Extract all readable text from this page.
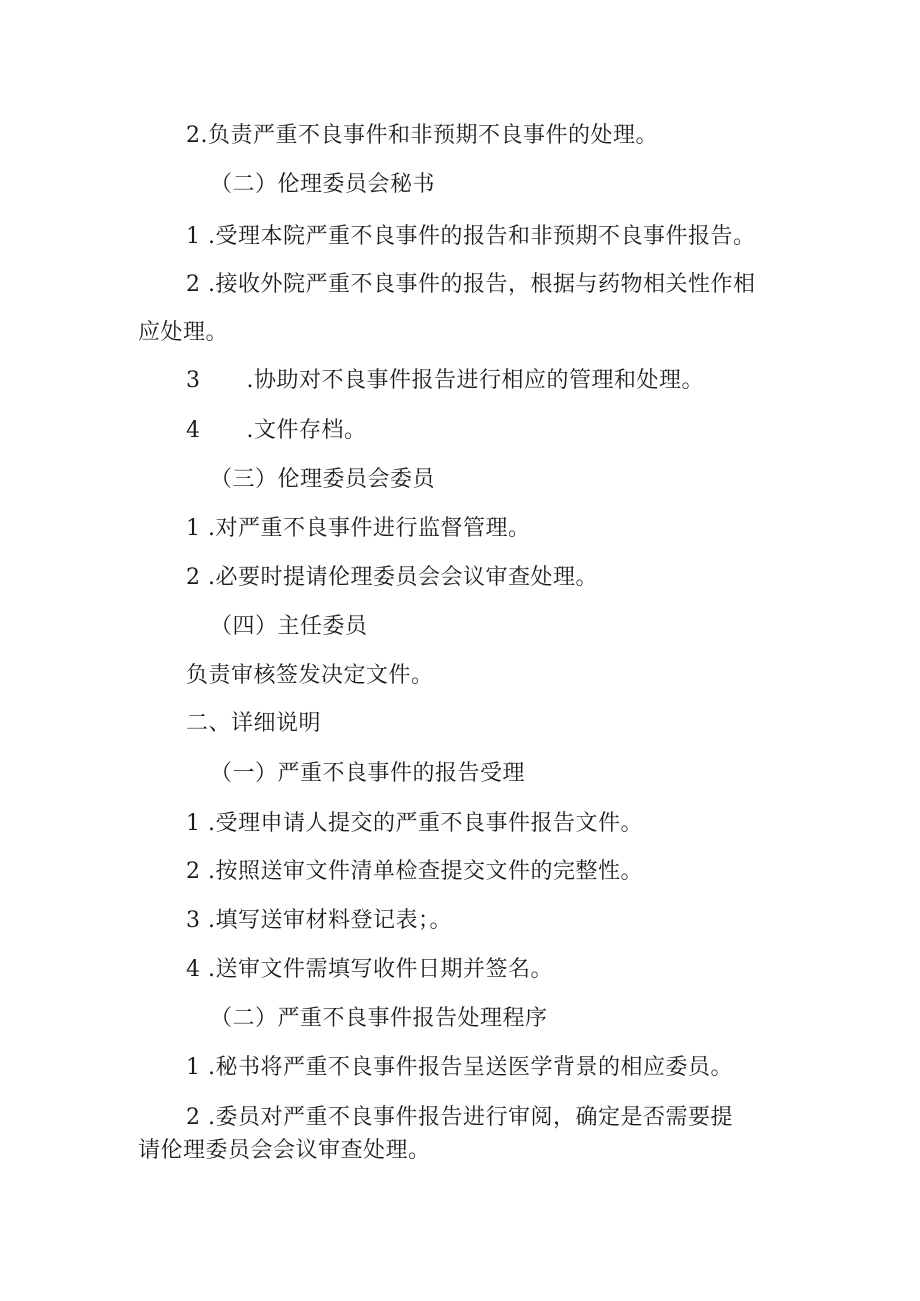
2.负责严重不良事件和非预期不良事件的处理。
（二）伦理委员会秘书
1 .受理本院严重不良事件的报告和非预期不良事件报告。
2 .接收外院严重不良事件的报告，根据与药物相关性作相
应处理。
3 .协助对不良事件报告进行相应的管理和处理。
4 .文件存档。
（三）伦理委员会委员
1 .对严重不良事件进行监督管理。
2 .必要时提请伦理委员会会议审查处理。
（四）主任委员
负责审核签发决定文件。
二、详细说明
（一）严重不良事件的报告受理
1 .受理申请人提交的严重不良事件报告文件。
2 .按照送审文件清单检查提交文件的完整性。
3 .填写送审材料登记表；。
4 .送审文件需填写收件日期并签名。
（二）严重不良事件报告处理程序
1 .秘书将严重不良事件报告呈送医学背景的相应委员。
2 .委员对严重不良事件报告进行审阅，确定是否需要提
请伦理委员会会议审查处理。
